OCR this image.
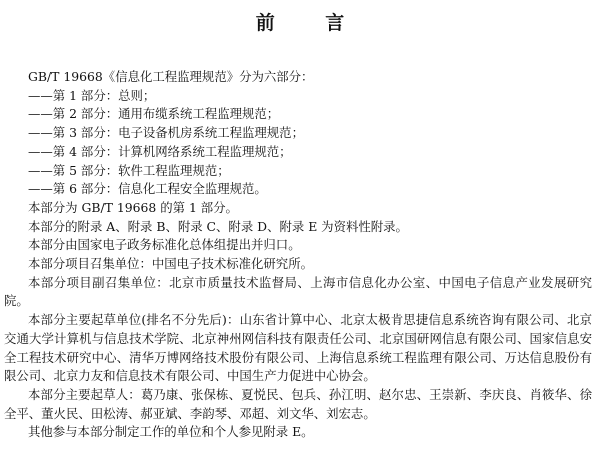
前 言

GB/T 19668《信息化工程监理规范》分为六部分：

——第 1 部分：总则；

——第 2 部分：通用布缆系统工程监理规范；

——第 3 部分：电子设备机房系统工程监理规范；

——第 4 部分：计算机网络系统工程监理规范；

——第 5 部分：软件工程监理规范；

——第 6 部分：信息化工程安全监理规范。

本部分为 GB/T 19668 的第 1 部分。

本部分的附录 A、附录 B、附录 C、附录 D、附录 E 为资料性附录。

本部分由国家电子政务标准化总体组提出并归口。

本部分项目召集单位：中国电子技术标准化研究所。

本部分项目副召集单位：北京市质量技术监督局、上海市信息化办公室、中国电子信息产业发展研究院。

本部分主要起草单位(排名不分先后)：山东省计算中心、北京太极肯思捷信息系统咨询有限公司、北京交通大学计算机与信息技术学院、北京神州网信科技有限责任公司、北京国研网信息有限公司、国家信息安全工程技术研究中心、清华万博网络技术股份有限公司、上海信息系统工程监理有限公司、万达信息股份有限公司、北京力友和信息技术有限公司、中国生产力促进中心协会。

本部分主要起草人：葛乃康、张保栋、夏悦民、包兵、孙江明、赵尔忠、王崇新、李庆良、肖筱华、徐全平、董火民、田松涛、郝亚斌、李韵琴、邓超、刘文华、刘宏志。

其他参与本部分制定工作的单位和个人参见附录 E。
